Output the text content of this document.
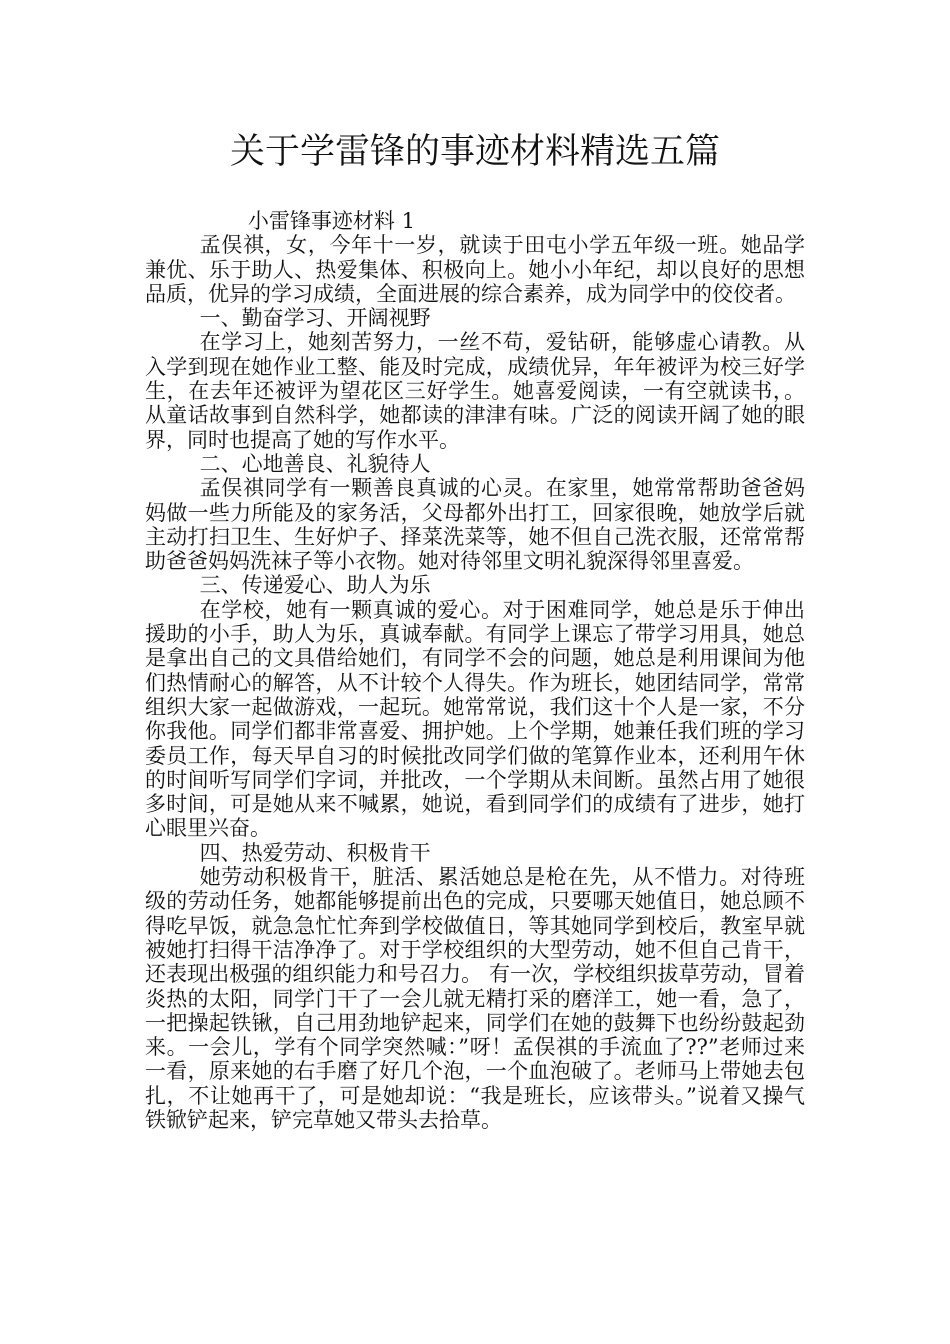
关于学雷锋的事迹材料精选五篇

小雷锋事迹材料 1

孟俣祺，女，今年十一岁，就读于田屯小学五年级一班。她品学兼优、乐于助人、热爱集体、积极向上。她小小年纪，却以良好的思想品质，优异的学习成绩，全面进展的综合素养，成为同学中的佼佼者。

一、勤奋学习、开阔视野

在学习上，她刻苦努力，一丝不苟，爱钻研，能够虚心请教。从入学到现在她作业工整、能及时完成，成绩优异，年年被评为校三好学生，在去年还被评为望花区三好学生。她喜爱阅读，一有空就读书，。从童话故事到自然科学，她都读的津津有味。广泛的阅读开阔了她的眼界，同时也提高了她的写作水平。

二、心地善良、礼貌待人

孟俣祺同学有一颗善良真诚的心灵。在家里，她常常帮助爸爸妈妈做一些力所能及的家务活，父母都外出打工，回家很晚，她放学后就主动打扫卫生、生好炉子、择菜洗菜等，她不但自己洗衣服，还常常帮助爸爸妈妈洗袜子等小衣物。她对待邻里文明礼貌深得邻里喜爱。

三、传递爱心、助人为乐

在学校，她有一颗真诚的爱心。对于困难同学，她总是乐于伸出援助的小手，助人为乐，真诚奉献。有同学上课忘了带学习用具，她总是拿出自己的文具借给她们，有同学不会的问题，她总是利用课间为他们热情耐心的解答，从不计较个人得失。作为班长，她团结同学，常常组织大家一起做游戏，一起玩。她常常说，我们这十个人是一家，不分你我他。同学们都非常喜爱、拥护她。上个学期，她兼任我们班的学习委员工作，每天早自习的时候批改同学们做的笔算作业本，还利用午休的时间听写同学们字词，并批改，一个学期从未间断。虽然占用了她很多时间，可是她从来不喊累，她说，看到同学们的成绩有了进步，她打心眼里兴奋。

四、热爱劳动、积极肯干

她劳动积极肯干，脏活、累活她总是枪在先，从不惜力。对待班级的劳动任务，她都能够提前出色的完成，只要哪天她值日，她总顾不得吃早饭，就急急忙忙奔到学校做值日，等其她同学到校后，教室早就被她打扫得干洁净净了。对于学校组织的大型劳动，她不但自己肯干，还表现出极强的组织能力和号召力。 有一次，学校组织拔草劳动，冒着炎热的太阳，同学门干了一会儿就无精打采的磨洋工，她一看，急了，一把操起铁锹，自己用劲地铲起来，同学们在她的鼓舞下也纷纷鼓起劲来。一会儿，学有个同学突然喊：”呀！孟俣祺的手流血了??”老师过来一看，原来她的右手磨了好几个泡，一个血泡破了。老师马上带她去包扎，不让她再干了，可是她却说：“我是班长，应该带头。”说着又操气铁锨铲起来，铲完草她又带头去拾草。
